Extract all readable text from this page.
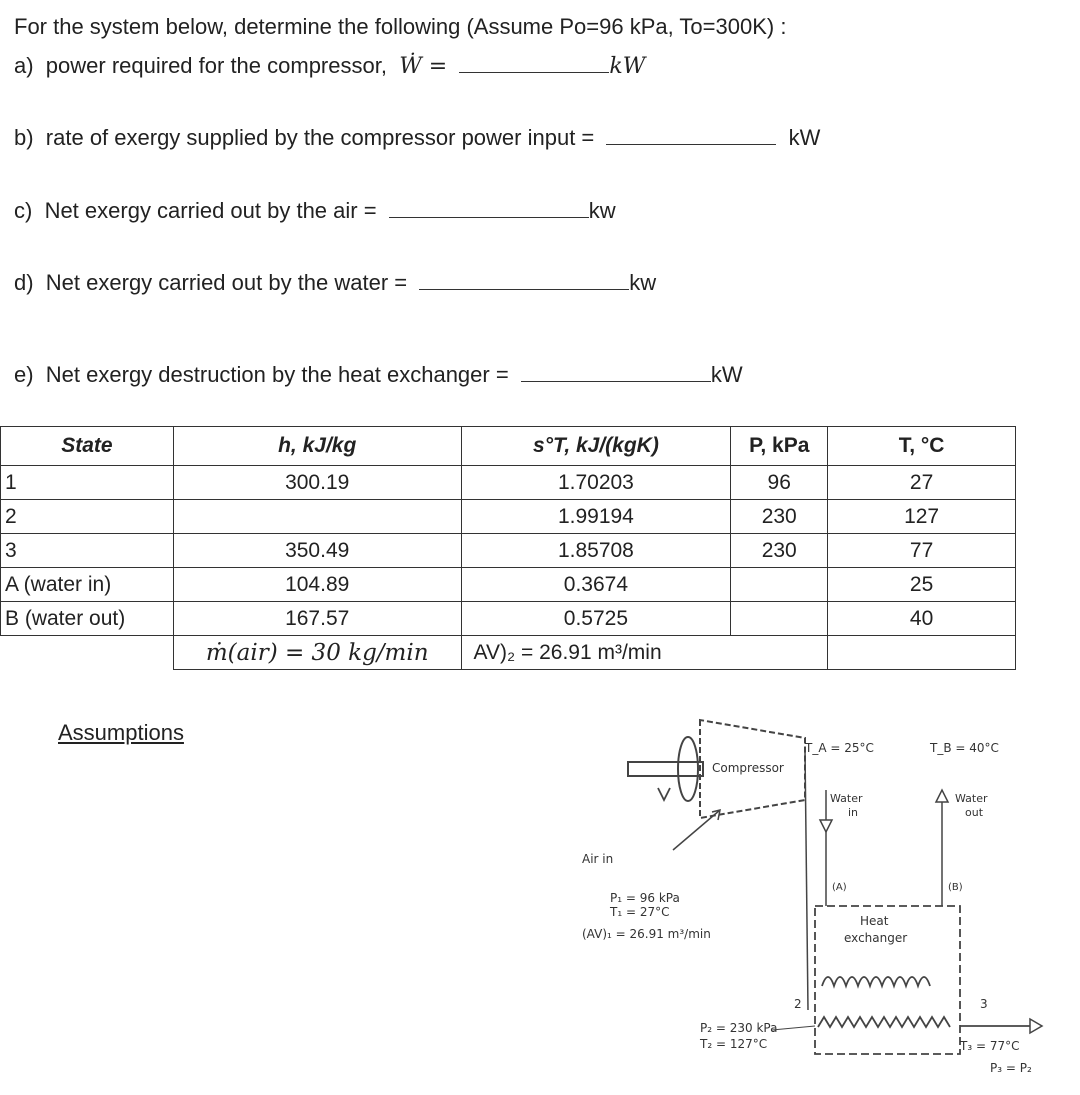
For the system below, determine the following (Assume Po=96 kPa, To=300K) :
a) power required for the compressor, Ẇ =	kW
b) rate of exergy supplied by the compressor power input =	kW
c) Net exergy carried out by the air =	kw
d) Net exergy carried out by the water =	kw
e) Net exergy destruction by the heat exchanger =	kW
State	h, kJ/kg	s°T, kJ/(kgK)	P, kPa	T, °C
1	300.19	1.70203	96	27
2		1.99194	230	127
3	350.49	1.85708	230	77
A (water in)	104.89	0.3674		25
B (water out)	167.57	0.5725		40
	ṁ(air) = 30 kg/min	AV)₂ = 26.91 m³/min		
Assumptions
Compressor
Air in
P₁ = 96 kPa
T₁ = 27°C
(AV)₁ = 26.91 m³/min
P₂ = 230 kPa
T₂ = 127°C
2
Heat
exchanger
3
T₃ = 77°C
P₃ = P₂
Water
in
Water
out
(A)	(B)
T_A = 25°C	T_B = 40°C
